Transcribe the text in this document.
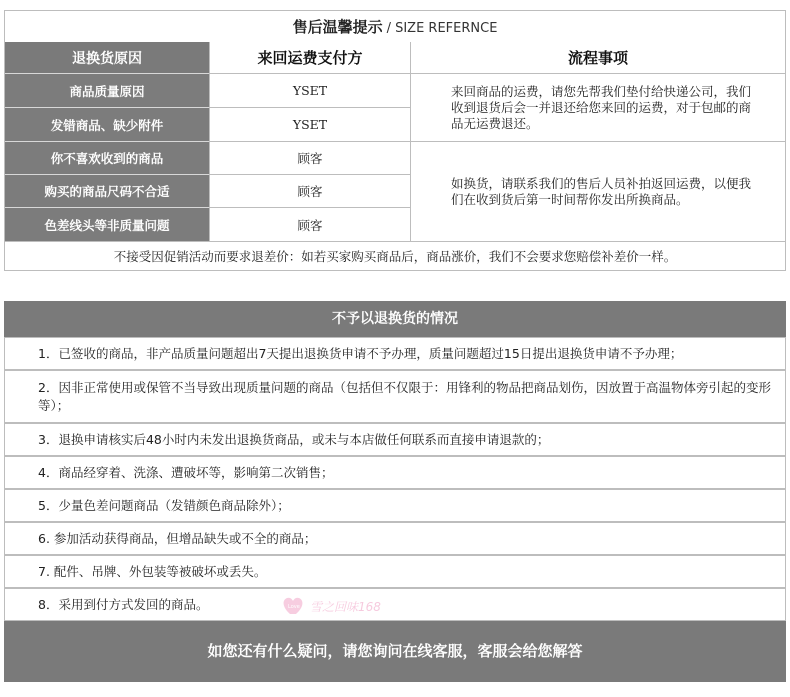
售后温馨提示 / SIZE REFERNCE
退换货原因	来回运费支付方	流程事项
商品质量原因
发错商品、缺少附件
你不喜欢收到的商品
购买的商品尺码不合适
色差线头等非质量问题
YSET
YSET
顾客
顾客
顾客
来回商品的运费，请您先帮我们垫付给快递公司，我们收到退货后会一并退还给您来回的运费，对于包邮的商品无运费退还。
如换货，请联系我们的售后人员补拍返回运费，以便我们在收到货后第一时间帮你发出所换商品。
不接受因促销活动而要求退差价：如若买家购买商品后，商品涨价，我们不会要求您赔偿补差价一样。
不予以退换货的情况
1．已签收的商品，非产品质量问题超出7天提出退换货申请不予办理，质量问题超过15日提出退换货申请不予办理；
2．因非正常使用或保管不当导致出现质量问题的商品（包括但不仅限于：用锋利的物品把商品划伤，因放置于高温物体旁引起的变形等）；
3．退换申请核实后48小时内未发出退换货商品，或未与本店做任何联系而直接申请退款的；
4．商品经穿着、洗涤、遭破坏等，影响第二次销售；
5．少量色差问题商品（发错颜色商品除外）；
6. 参加活动获得商品，但增品缺失或不全的商品；
7. 配件、吊牌、外包装等被破坏或丢失。
8．采用到付方式发回的商品。
如您还有什么疑问，请您询问在线客服，客服会给您解答
Love 雪之回味168
